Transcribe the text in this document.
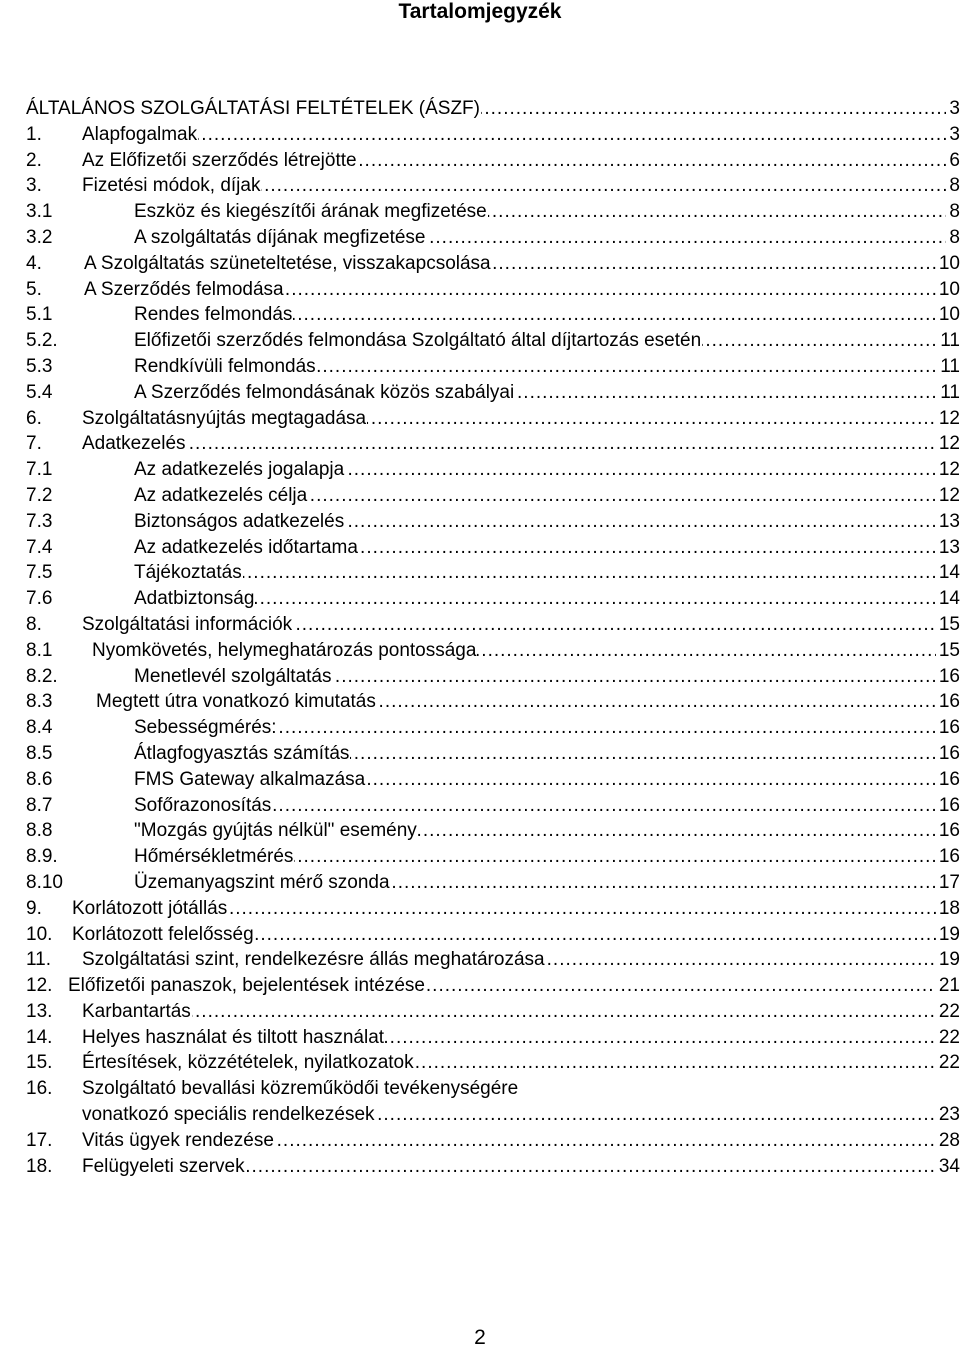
Tartalomjegyzék
ÁLTALÁNOS SZOLGÁLTATÁSI FELTÉTELEK (ÁSZF) .....	3
1. Alapfogalmak .....	3
2. Az Előfizetői szerződés létrejötte .....	6
3. Fizetési módok, díjak .....	8
3.1	Eszköz és kiegészítői árának megfizetése .....	8
3.2	A szolgáltatás díjának megfizetése .....	8
4. A Szolgáltatás szüneteltetése, visszakapcsolása .....	10
5. A Szerződés felmodása .....	10
5.1	Rendes felmondás .....	10
5.2.	Előfizetői szerződés felmondása Szolgáltató által díjtartozás esetén .....	11
5.3	Rendkívüli felmondás .....	11
5.4	A Szerződés felmondásának közös szabályai .....	11
6. Szolgáltatásnyújtás megtagadása .....	12
7. Adatkezelés .....	12
7.1	Az adatkezelés jogalapja .....	12
7.2	Az adatkezelés célja .....	12
7.3	Biztonságos adatkezelés .....	13
7.4	Az adatkezelés időtartama .....	13
7.5	Tájékoztatás .....	14
7.6	Adatbiztonság .....	14
8. Szolgáltatási információk .....	15
8.1 Nyomkövetés, helymeghatározás pontossága .....	15
8.2.	Menetlevél szolgáltatás .....	16
8.3 Megtett útra vonatkozó kimutatás .....	16
8.4	Sebességmérés: .....	16
8.5	Átlagfogyasztás számítás .....	16
8.6	FMS Gateway alkalmazása .....	16
8.7	Sofőrazonosítás .....	16
8.8	"Mozgás gyújtás nélkül" esemény .....	16
8.9.	Hőmérsékletmérés .....	16
8.10	Üzemanyagszint mérő szonda .....	17
9. Korlátozott jótállás .....	18
10. Korlátozott felelősség .....	19
11. Szolgáltatási szint, rendelkezésre állás meghatározása .....	19
12. Előfizetői panaszok, bejelentések intézése .....	21
13. Karbantartás .....	22
14. Helyes használat és tiltott használat .....	22
15. Értesítések, közzétételek, nyilatkozatok .....	22
16. Szolgáltató bevallási közreműködői tevékenységére
vonatkozó speciális rendelkezések .....	23
17. Vitás ügyek rendezése .....	28
18. Felügyeleti szervek .....	34
2
